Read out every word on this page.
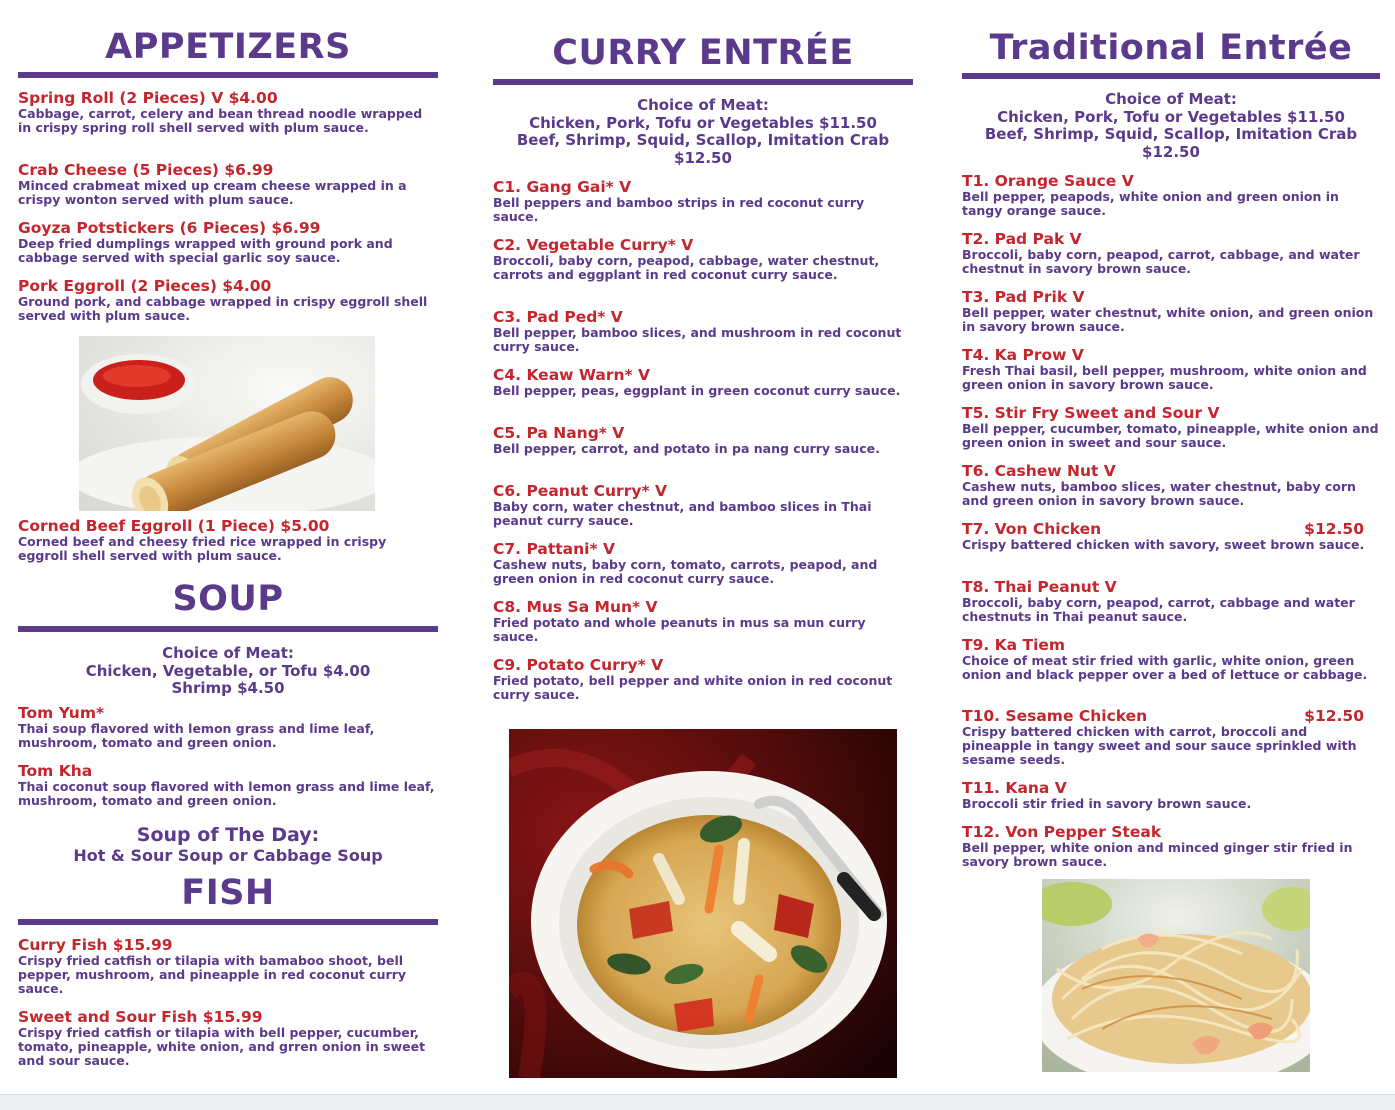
APPETIZERS
Spring Roll (2 Pieces) V $4.00
Cabbage, carrot, celery and bean thread noodle wrapped in crispy spring roll shell served with plum sauce.
Crab Cheese (5 Pieces) $6.99
Minced crabmeat mixed up cream cheese wrapped in a crispy wonton served with plum sauce.
Goyza Potstickers (6 Pieces) $6.99
Deep fried dumplings wrapped with ground pork and cabbage served with special garlic soy sauce.
Pork Eggroll (2 Pieces) $4.00
Ground pork, and cabbage wrapped in crispy eggroll shell served with plum sauce.
Corned Beef Eggroll (1 Piece) $5.00
Corned beef and cheesy fried rice wrapped in crispy eggroll shell served with plum sauce.
SOUP
Choice of Meat:
Chicken, Vegetable, or Tofu $4.00
Shrimp $4.50
Tom Yum*
Thai soup flavored with lemon grass and lime leaf, mushroom, tomato and green onion.
Tom Kha
Thai coconut soup flavored with lemon grass and lime leaf, mushroom, tomato and green onion.
Soup of The Day:
Hot & Sour Soup or Cabbage Soup
FISH
Curry Fish $15.99
Crispy fried catfish or tilapia with bamaboo shoot, bell pepper, mushroom, and pineapple in red coconut curry sauce.
Sweet and Sour Fish $15.99
Crispy fried catfish or tilapia with bell pepper, cucumber, tomato, pineapple, white onion, and grren onion in sweet and sour sauce.
CURRY ENTRÉE
Choice of Meat:
Chicken, Pork, Tofu or Vegetables $11.50
Beef, Shrimp, Squid, Scallop, Imitation Crab
$12.50
C1. Gang Gai* V
Bell peppers and bamboo strips in red coconut curry sauce.
C2. Vegetable Curry* V
Broccoli, baby corn, peapod, cabbage, water chestnut, carrots and eggplant in red coconut curry sauce.
C3. Pad Ped* V
Bell pepper, bamboo slices, and mushroom in red coconut curry sauce.
C4. Keaw Warn* V
Bell pepper, peas, eggplant in green coconut curry sauce.
C5. Pa Nang* V
Bell pepper, carrot, and potato in pa nang curry sauce.
C6. Peanut Curry* V
Baby corn, water chestnut, and bamboo slices in Thai peanut curry sauce.
C7. Pattani* V
Cashew nuts, baby corn, tomato, carrots, peapod, and green onion in red coconut curry sauce.
C8. Mus Sa Mun* V
Fried potato and whole peanuts in mus sa mun curry sauce.
C9. Potato Curry* V
Fried potato, bell pepper and white onion in red coconut curry sauce.
Traditional Entrée
Choice of Meat:
Chicken, Pork, Tofu or Vegetables $11.50
Beef, Shrimp, Squid, Scallop, Imitation Crab
$12.50
T1. Orange Sauce V
Bell pepper, peapods, white onion and green onion in tangy orange sauce.
T2. Pad Pak V
Broccoli, baby corn, peapod, carrot, cabbage, and water chestnut in savory brown sauce.
T3. Pad Prik V
Bell pepper, water chestnut, white onion, and green onion in savory brown sauce.
T4. Ka Prow V
Fresh Thai basil, bell pepper, mushroom, white onion and green onion in savory brown sauce.
T5. Stir Fry Sweet and Sour V
Bell pepper, cucumber, tomato, pineapple, white onion and green onion in sweet and sour sauce.
T6. Cashew Nut V
Cashew nuts, bamboo slices, water chestnut, baby corn and green onion in savory brown sauce.
T7. Von Chicken	$12.50
Crispy battered chicken with savory, sweet brown sauce.
T8. Thai Peanut V
Broccoli, baby corn, peapod, carrot, cabbage and water chestnuts in Thai peanut sauce.
T9. Ka Tiem
Choice of meat stir fried with garlic, white onion, green onion and black pepper over a bed of lettuce or cabbage.
T10. Sesame Chicken	$12.50
Crispy battered chicken with carrot, broccoli and pineapple in tangy sweet and sour sauce sprinkled with sesame seeds.
T11. Kana V
Broccoli stir fried in savory brown sauce.
T12. Von Pepper Steak
Bell pepper, white onion and minced ginger stir fried in savory brown sauce.
